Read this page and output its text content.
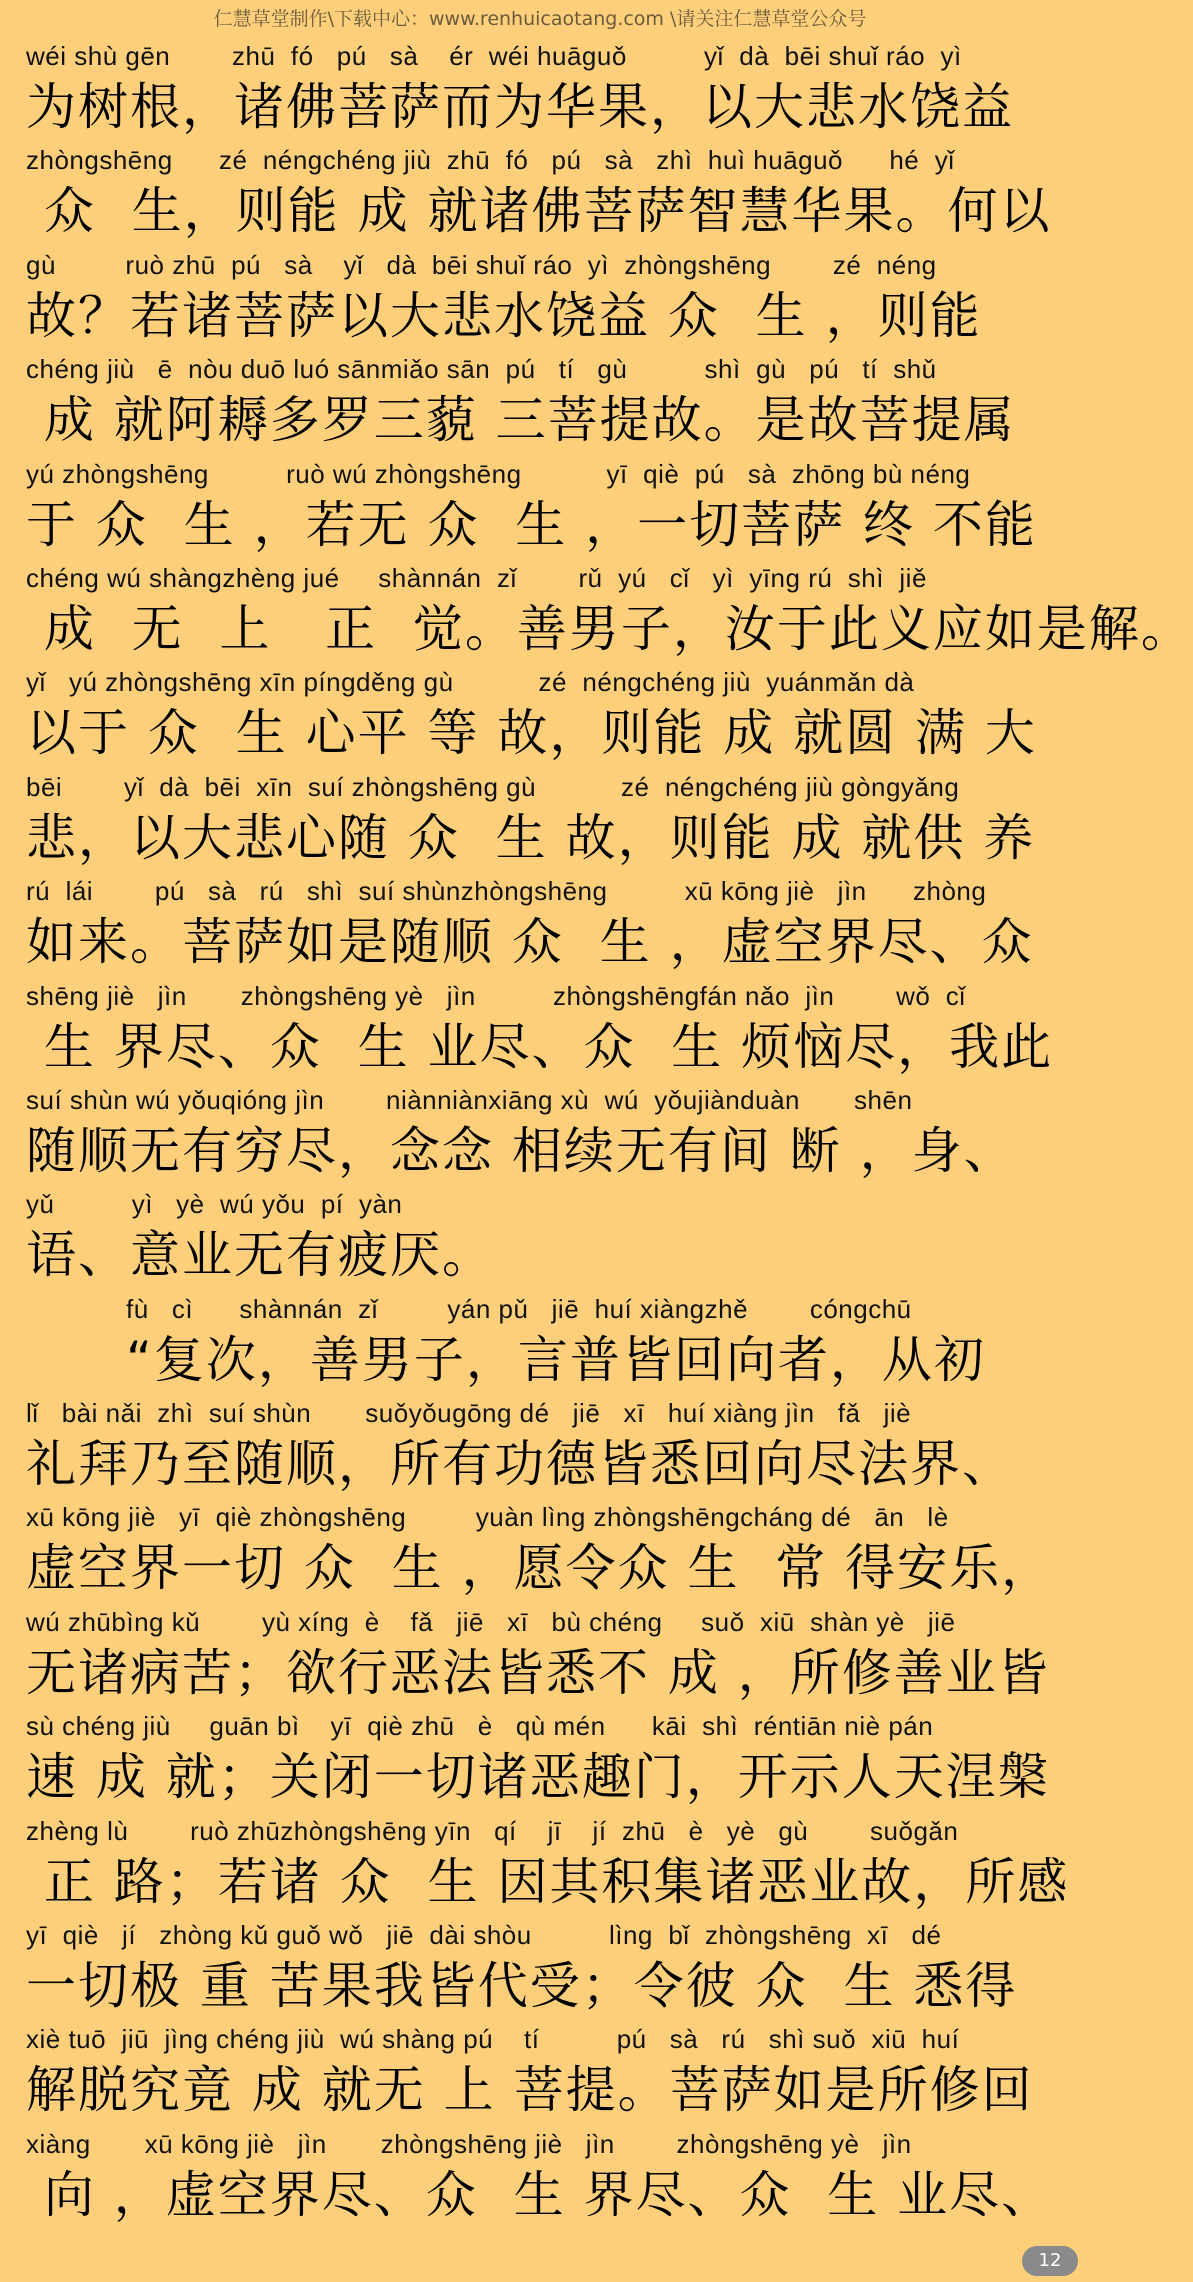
仁慧草堂制作\下载中心：www.renhuicaotang.com \请关注仁慧草堂公众号
wéi shù gēn        zhū  fó   pú   sà    ér  wéi huāguǒ          yǐ  dà  bēi shuǐ ráo  yì
为树根，诸佛菩萨而为华果，以大悲水饶益
zhòngshēng      zé  néngchéng jiù  zhū  fó   pú   sà   zhì  huì huāguǒ      hé  yǐ
众  生，则能 成 就诸佛菩萨智慧华果。何以
gù         ruò zhū  pú   sà    yǐ   dà  bēi shuǐ ráo  yì  zhòngshēng        zé  néng
故？若诸菩萨以大悲水饶益 众  生 ，则能
chéng jiù   ē  nòu duō luó sānmiǎo sān  pú   tí   gù          shì  gù   pú   tí  shǔ
成 就阿耨多罗三藐 三菩提故。是故菩提属
yú zhòngshēng          ruò wú zhòngshēng           yī  qiè  pú   sà  zhōng bù néng
于 众  生 ，若无 众  生 ，一切菩萨 终 不能
chéng wú shàngzhèng jué     shànnán  zǐ        rǔ  yú   cǐ   yì  yīng rú  shì  jiě
成  无  上   正  觉。善男子，汝于此义应如是解。
yǐ   yú zhòngshēng xīn píngděng gù           zé  néngchéng jiù  yuánmǎn dà
以于 众  生 心平 等 故，则能 成 就圆 满 大
bēi        yǐ  dà  bēi  xīn  suí zhòngshēng gù           zé  néngchéng jiù gòngyǎng
悲，以大悲心随 众  生 故，则能 成 就供 养
rú  lái        pú   sà   rú   shì  suí shùnzhòngshēng          xū kōng jiè   jìn      zhòng
如来。菩萨如是随顺 众  生 ，虚空界尽、众
shēng jiè   jìn       zhòngshēng yè   jìn          zhòngshēngfán nǎo  jìn        wǒ  cǐ
生 界尽、众  生 业尽、众  生 烦恼尽，我此
suí shùn wú yǒuqióng jìn        niànniànxiāng xù  wú  yǒujiànduàn       shēn
随顺无有穷尽，念念 相续无有间 断 ，身、
yǔ          yì   yè  wú yǒu  pí  yàn
语、意业无有疲厌。
fù   cì      shànnán  zǐ         yán pǔ   jiē  huí xiàngzhě        cóngchū
“复次，善男子，言普皆回向者，从初
lǐ   bài nǎi  zhì  suí shùn       suǒyǒugōng dé   jiē   xī   huí xiàng jìn   fǎ   jiè
礼拜乃至随顺，所有功德皆悉回向尽法界、
xū kōng jiè   yī  qiè zhòngshēng         yuàn lìng zhòngshēngcháng dé   ān   lè
虚空界一切 众  生 ，愿令众 生  常 得安乐，
wú zhūbìng kǔ        yù xíng  è    fǎ   jiē   xī   bù chéng     suǒ  xiū  shàn yè   jiē
无诸病苦；欲行恶法皆悉不 成 ，所修善业皆
sù chéng jiù     guān bì    yī  qiè zhū   è   qù mén      kāi  shì  réntiān niè pán
速 成 就；关闭一切诸恶趣门，开示人天涅槃
zhèng lù        ruò zhūzhòngshēng yīn   qí    jī    jí  zhū   è   yè   gù        suǒgǎn
正 路；若诸 众  生 因其积集诸恶业故，所感
yī  qiè   jí   zhòng kǔ guǒ wǒ   jiē  dài shòu          lìng  bǐ  zhòngshēng  xī   dé
一切极 重 苦果我皆代受；令彼 众  生 悉得
xiè tuō  jiū  jìng chéng jiù  wú shàng pú    tí          pú   sà   rú   shì suǒ  xiū  huí
解脱究竟 成 就无 上 菩提。菩萨如是所修回
xiàng       xū kōng jiè   jìn       zhòngshēng jiè   jìn        zhòngshēng yè   jìn
向 ，虚空界尽、众  生 界尽、众  生 业尽、
12
